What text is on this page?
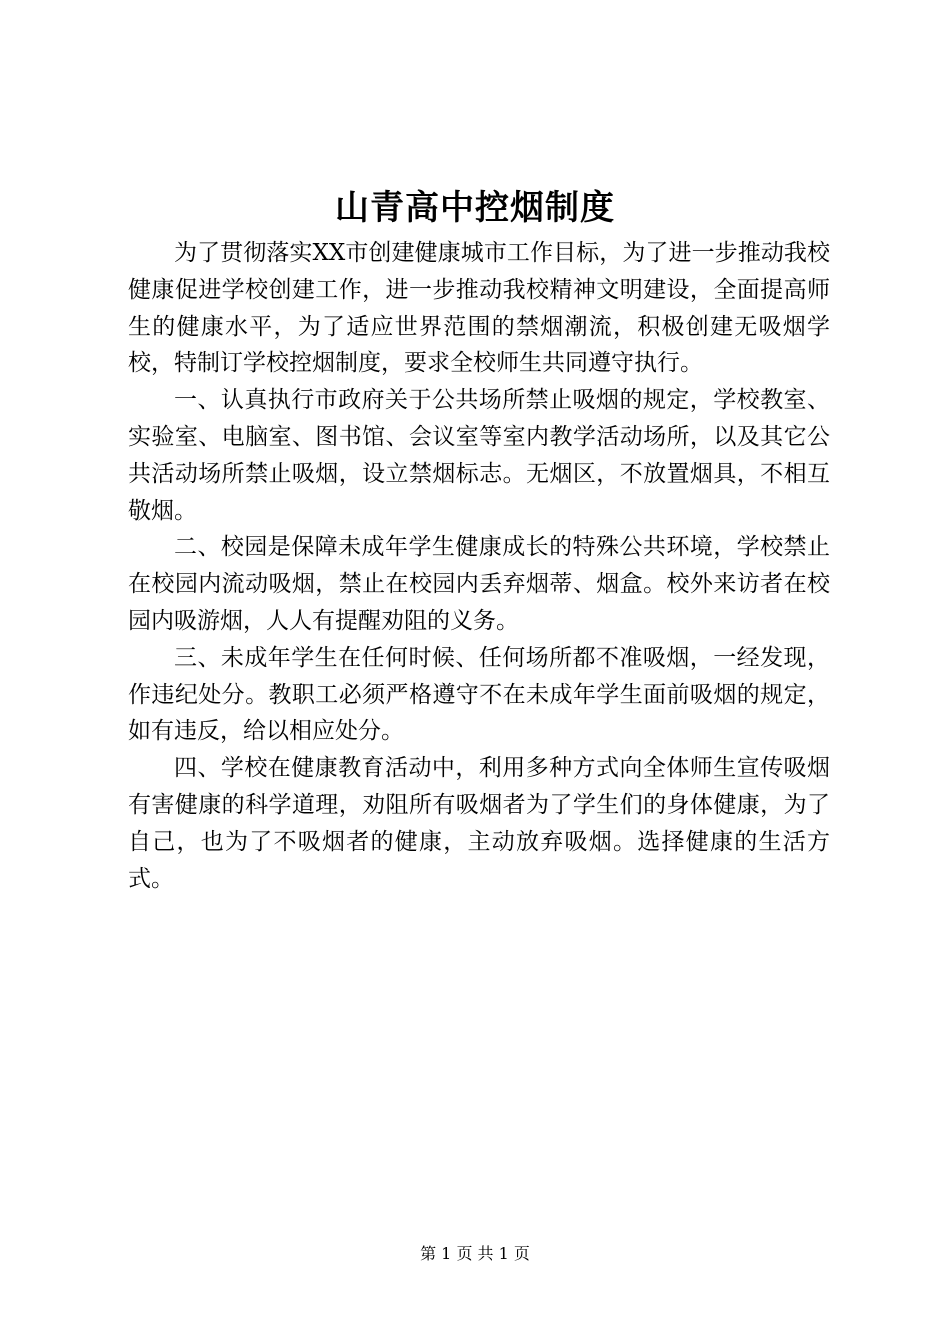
山青高中控烟制度

为了贯彻落实XX市创建健康城市工作目标，为了进一步推动我校健康促进学校创建工作，进一步推动我校精神文明建设，全面提高师生的健康水平，为了适应世界范围的禁烟潮流，积极创建无吸烟学校，特制订学校控烟制度，要求全校师生共同遵守执行。

一、认真执行市政府关于公共场所禁止吸烟的规定，学校教室、实验室、电脑室、图书馆、会议室等室内教学活动场所，以及其它公共活动场所禁止吸烟，设立禁烟标志。无烟区，不放置烟具，不相互敬烟。

二、校园是保障未成年学生健康成长的特殊公共环境，学校禁止在校园内流动吸烟，禁止在校园内丢弃烟蒂、烟盒。校外来访者在校园内吸游烟，人人有提醒劝阻的义务。

三、未成年学生在任何时候、任何场所都不准吸烟，一经发现，作违纪处分。教职工必须严格遵守不在未成年学生面前吸烟的规定，如有违反，给以相应处分。

四、学校在健康教育活动中，利用多种方式向全体师生宣传吸烟有害健康的科学道理，劝阻所有吸烟者为了学生们的身体健康，为了自己，也为了不吸烟者的健康，主动放弃吸烟。选择健康的生活方式。

第 1 页 共 1 页
